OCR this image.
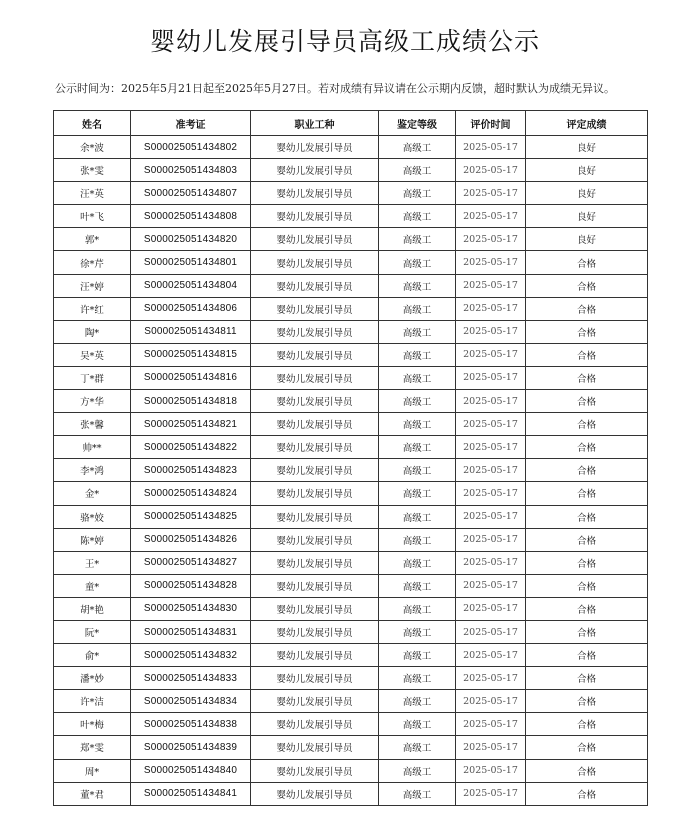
婴幼儿发展引导员高级工成绩公示
公示时间为：2025年5月21日起至2025年5月27日。若对成绩有异议请在公示期内反馈，超时默认为成绩无异议。
姓名	准考证	职业工种	鉴定等级	评价时间	评定成绩
余*波	S000025051434802	婴幼儿发展引导员	高级工	2025-05-17	良好
张*雯	S000025051434803	婴幼儿发展引导员	高级工	2025-05-17	良好
汪*英	S000025051434807	婴幼儿发展引导员	高级工	2025-05-17	良好
叶*飞	S000025051434808	婴幼儿发展引导员	高级工	2025-05-17	良好
郭*	S000025051434820	婴幼儿发展引导员	高级工	2025-05-17	良好
徐*芹	S000025051434801	婴幼儿发展引导员	高级工	2025-05-17	合格
汪*婷	S000025051434804	婴幼儿发展引导员	高级工	2025-05-17	合格
许*红	S000025051434806	婴幼儿发展引导员	高级工	2025-05-17	合格
陶*	S000025051434811	婴幼儿发展引导员	高级工	2025-05-17	合格
吴*英	S000025051434815	婴幼儿发展引导员	高级工	2025-05-17	合格
丁*群	S000025051434816	婴幼儿发展引导员	高级工	2025-05-17	合格
方*华	S000025051434818	婴幼儿发展引导员	高级工	2025-05-17	合格
张*馨	S000025051434821	婴幼儿发展引导员	高级工	2025-05-17	合格
帅**	S000025051434822	婴幼儿发展引导员	高级工	2025-05-17	合格
李*鸿	S000025051434823	婴幼儿发展引导员	高级工	2025-05-17	合格
金*	S000025051434824	婴幼儿发展引导员	高级工	2025-05-17	合格
骆*姣	S000025051434825	婴幼儿发展引导员	高级工	2025-05-17	合格
陈*婷	S000025051434826	婴幼儿发展引导员	高级工	2025-05-17	合格
王*	S000025051434827	婴幼儿发展引导员	高级工	2025-05-17	合格
童*	S000025051434828	婴幼儿发展引导员	高级工	2025-05-17	合格
胡*艳	S000025051434830	婴幼儿发展引导员	高级工	2025-05-17	合格
阮*	S000025051434831	婴幼儿发展引导员	高级工	2025-05-17	合格
俞*	S000025051434832	婴幼儿发展引导员	高级工	2025-05-17	合格
潘*妙	S000025051434833	婴幼儿发展引导员	高级工	2025-05-17	合格
许*洁	S000025051434834	婴幼儿发展引导员	高级工	2025-05-17	合格
叶*梅	S000025051434838	婴幼儿发展引导员	高级工	2025-05-17	合格
郑*雯	S000025051434839	婴幼儿发展引导员	高级工	2025-05-17	合格
周*	S000025051434840	婴幼儿发展引导员	高级工	2025-05-17	合格
董*君	S000025051434841	婴幼儿发展引导员	高级工	2025-05-17	合格
